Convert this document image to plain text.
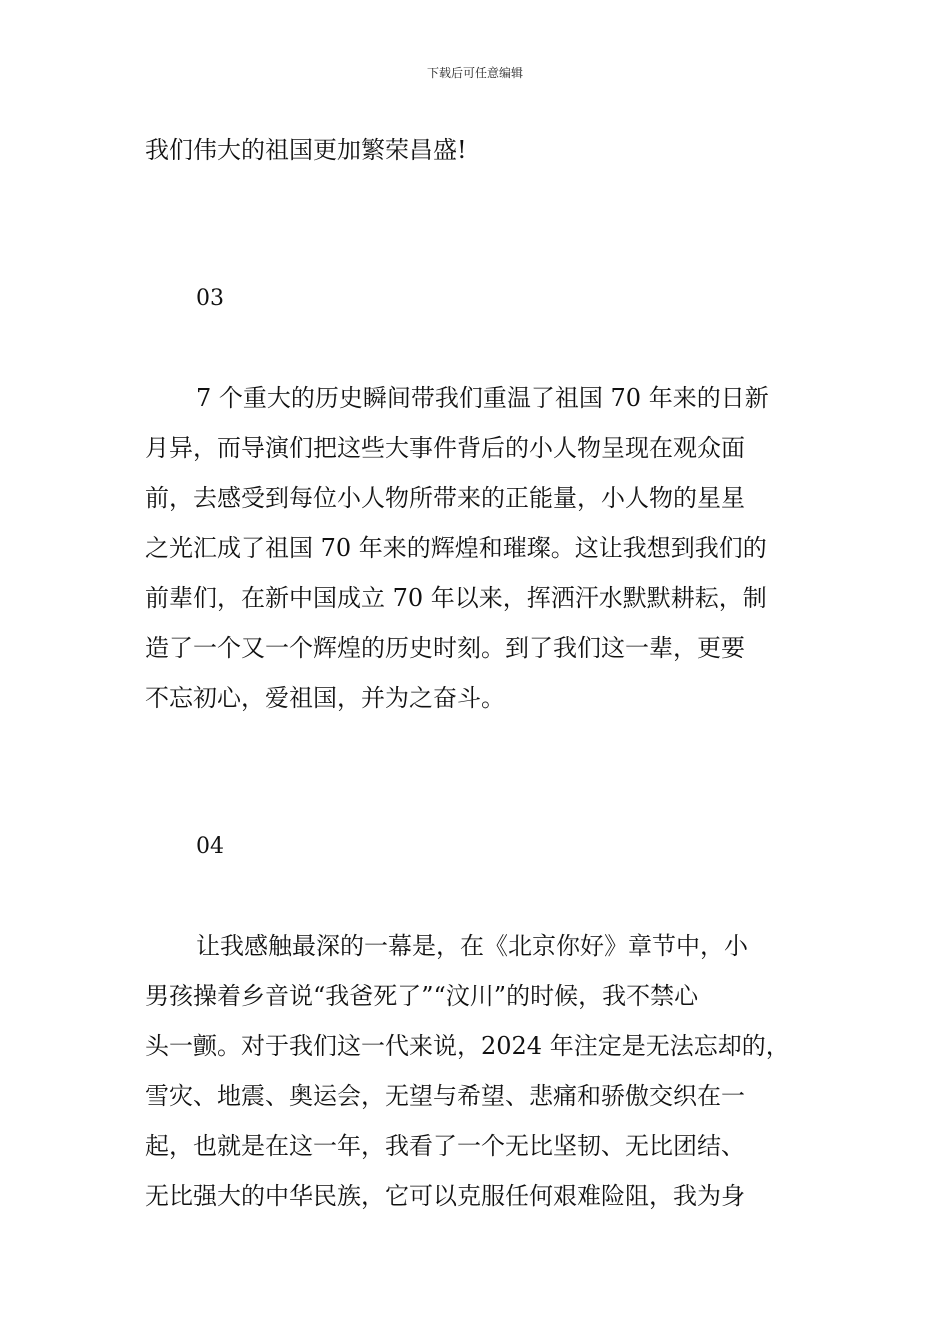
下载后可任意编辑
我们伟大的祖国更加繁荣昌盛!
03
7 个重大的历史瞬间带我们重温了祖国 70 年来的日新
月异，而导演们把这些大事件背后的小人物呈现在观众面
前，去感受到每位小人物所带来的正能量，小人物的星星
之光汇成了祖国 70 年来的辉煌和璀璨。这让我想到我们的
前辈们，在新中国成立 70 年以来，挥洒汗水默默耕耘，制
造了一个又一个辉煌的历史时刻。到了我们这一辈，更要
不忘初心，爱祖国，并为之奋斗。
04
让我感触最深的一幕是，在《北京你好》章节中，小
男孩操着乡音说“我爸死了”“汶川”的时候，我不禁心
头一颤。对于我们这一代来说，2024 年注定是无法忘却的，
雪灾、地震、奥运会，无望与希望、悲痛和骄傲交织在一
起，也就是在这一年，我看了一个无比坚韧、无比团结、
无比强大的中华民族，它可以克服任何艰难险阻，我为身
